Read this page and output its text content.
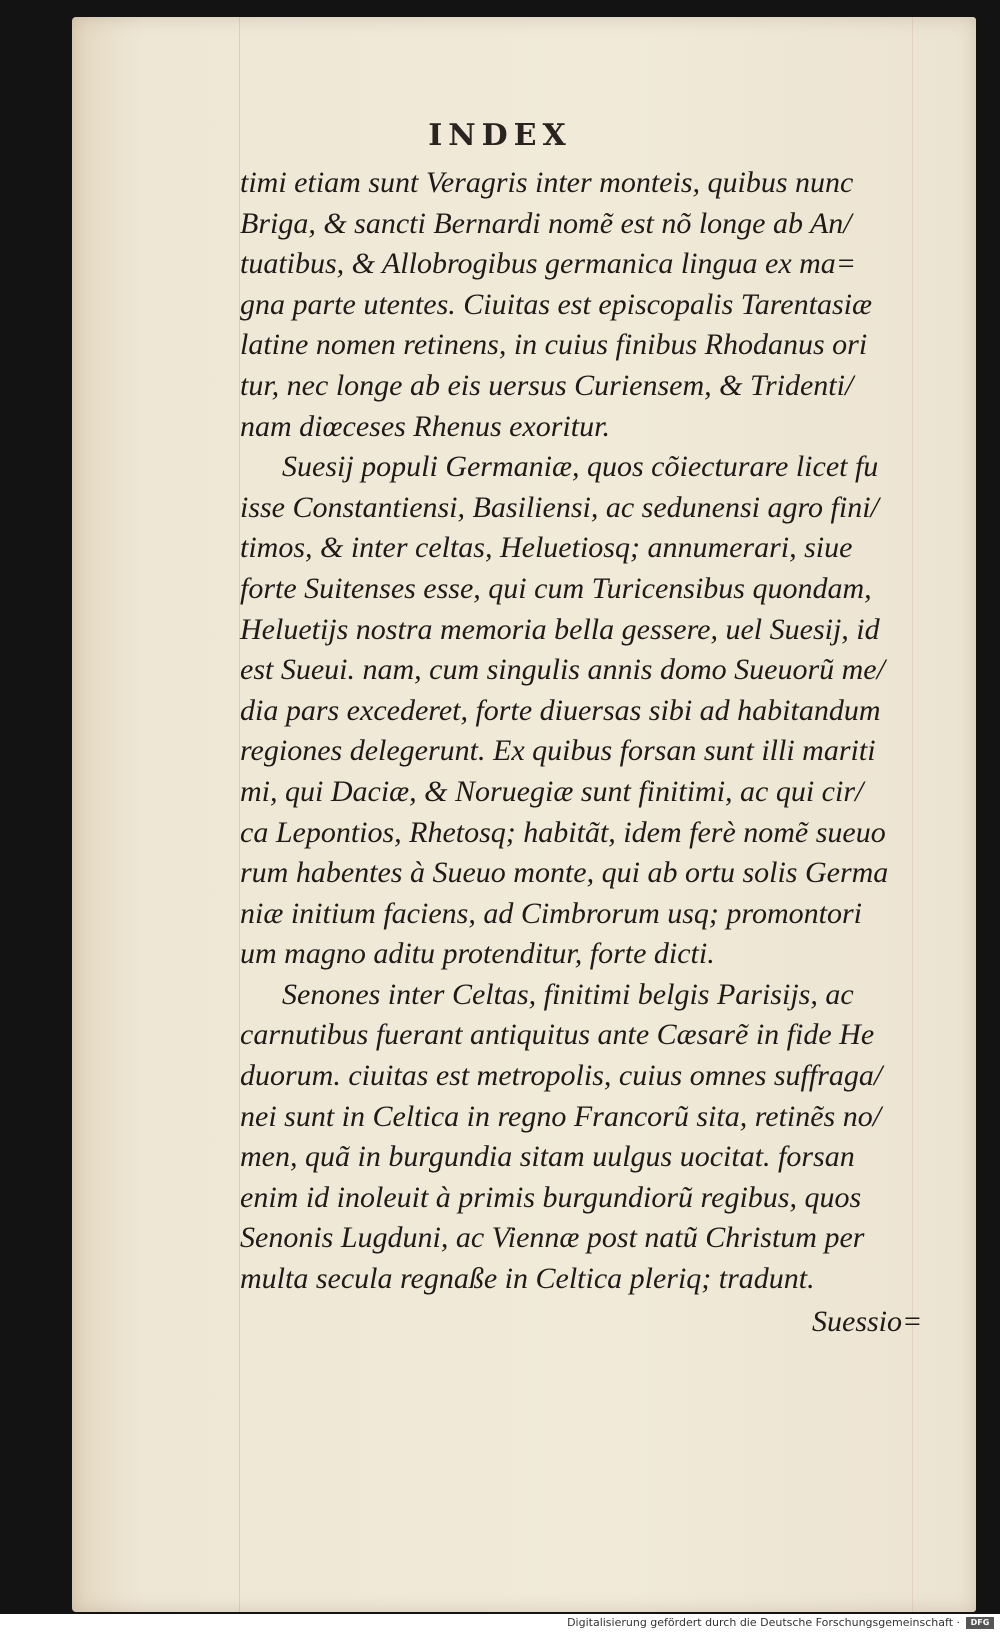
INDEX
timi etiam sunt Veragris inter monteis, quibus nunc
Briga, & sancti Bernardi nomẽ est nõ longe ab An/
tuatibus, & Allobrogibus germanica lingua ex ma=
gna parte utentes. Ciuitas est episcopalis Tarentasiæ
latine nomen retinens, in cuius finibus Rhodanus ori
tur, nec longe ab eis uersus Curiensem, & Tridenti/
nam diœceses Rhenus exoritur.
Suesij populi Germaniæ, quos cõiecturare licet fu
isse Constantiensi, Basiliensi, ac sedunensi agro fini/
timos, & inter celtas, Heluetiosq; annumerari, siue
forte Suitenses esse, qui cum Turicensibus quondam,
Heluetijs nostra memoria bella gessere, uel Suesij, id
est Sueui. nam, cum singulis annis domo Sueuorũ me/
dia pars excederet, forte diuersas sibi ad habitandum
regiones delegerunt. Ex quibus forsan sunt illi mariti
mi, qui Daciæ, & Noruegiæ sunt finitimi, ac qui cir/
ca Lepontios, Rhetosq; habitãt, idem ferè nomẽ sueuo
rum habentes à Sueuo monte, qui ab ortu solis Germa
niæ initium faciens, ad Cimbrorum usq; promontori
um magno aditu protenditur, forte dicti.
Senones inter Celtas, finitimi belgis Parisijs, ac
carnutibus fuerant antiquitus ante Cæsarẽ in fide He
duorum. ciuitas est metropolis, cuius omnes suffraga/
nei sunt in Celtica in regno Francorũ sita, retinẽs no/
men, quã in burgundia sitam uulgus uocitat. forsan
enim id inoleuit à primis burgundiorũ regibus, quos
Senonis Lugduni, ac Viennæ post natũ Christum per
multa secula regnaße in Celtica pleriq; tradunt.
Suessio=
Digitalisierung gefördert durch die Deutsche Forschungsgemeinschaft ·	DFG
